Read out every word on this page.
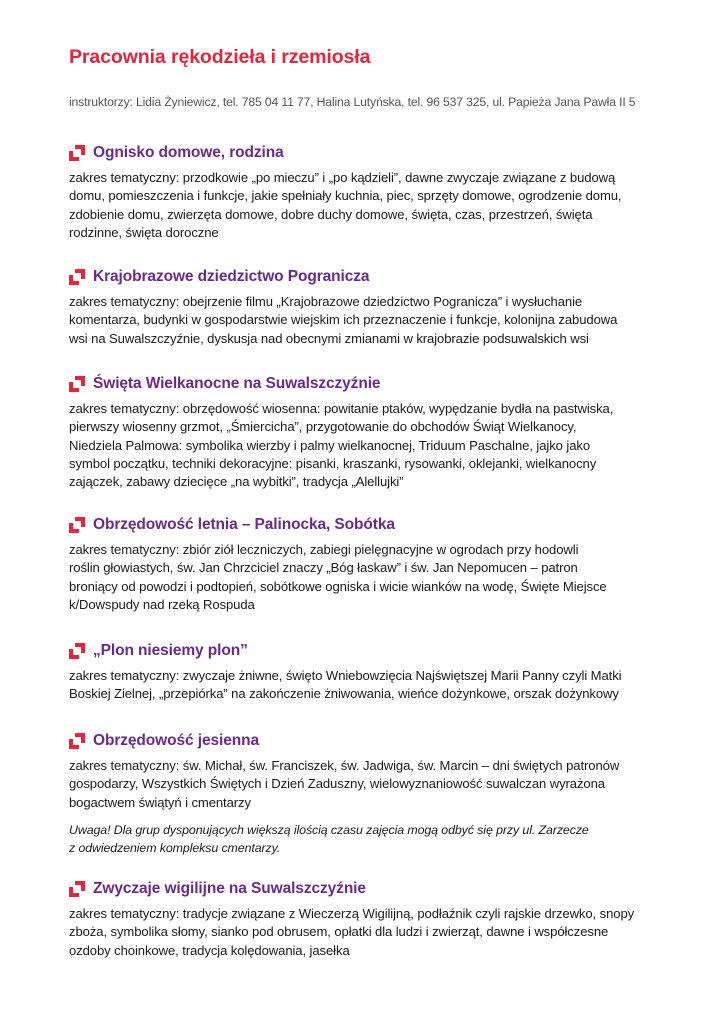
Pracownia rękodzieła i rzemiosła
instruktorzy: Lidia Żyniewicz, tel. 785 04 11 77, Halina Lutyńska, tel. 96 537 325, ul. Papieża Jana Pawła II 5
Ognisko domowe, rodzina
zakres tematyczny: przodkowie „po mieczu” i „po kądzieli”, dawne zwyczaje związane z budową
domu, pomieszczenia i funkcje, jakie spełniały kuchnia, piec, sprzęty domowe, ogrodzenie domu,
zdobienie domu, zwierzęta domowe, dobre duchy domowe, święta, czas, przestrzeń, święta
rodzinne, święta doroczne
Krajobrazowe dziedzictwo Pogranicza
zakres tematyczny: obejrzenie filmu „Krajobrazowe dziedzictwo Pogranicza” i wysłuchanie
komentarza, budynki w gospodarstwie wiejskim ich przeznaczenie i funkcje, kolonijna zabudowa
wsi na Suwalszczyźnie, dyskusja nad obecnymi zmianami w krajobrazie podsuwalskich wsi
Święta Wielkanocne na Suwalszczyźnie
zakres tematyczny: obrzędowość wiosenna: powitanie ptaków, wypędzanie bydła na pastwiska,
pierwszy wiosenny grzmot, „Śmiercicha”, przygotowanie do obchodów Świąt Wielkanocy,
Niedziela Palmowa: symbolika wierzby i palmy wielkanocnej, Triduum Paschalne, jajko jako
symbol początku, techniki dekoracyjne: pisanki, kraszanki, rysowanki, oklejanki, wielkanocny
zajączek, zabawy dziecięce „na wybitki”, tradycja „Alellujki”
Obrzędowość letnia – Palinocka, Sobótka
zakres tematyczny: zbiór ziół leczniczych, zabiegi pielęgnacyjne w ogrodach przy hodowli
roślin głowiastych, św. Jan Chrzciciel znaczy „Bóg łaskaw” i św. Jan Nepomucen – patron
broniący od powodzi i podtopień, sobótkowe ogniska i wicie wianków na wodę, Święte Miejsce
k/Dowspudy nad rzeką Rospuda
„Plon niesiemy plon”
zakres tematyczny: zwyczaje żniwne, święto Wniebowzięcia Najświętszej Marii Panny czyli Matki
Boskiej Zielnej, „przepiórka” na zakończenie żniwowania, wieńce dożynkowe, orszak dożynkowy
Obrzędowość jesienna
zakres tematyczny: św. Michał, św. Franciszek, św. Jadwiga, św. Marcin – dni świętych patronów
gospodarzy, Wszystkich Świętych i Dzień Zaduszny, wielowyznaniowość suwalczan wyrażona
bogactwem świątyń i cmentarzy
Uwaga! Dla grup dysponujących większą ilością czasu zajęcia mogą odbyć się przy ul. Zarzecze
z odwiedzeniem kompleksu cmentarzy.
Zwyczaje wigilijne na Suwalszczyźnie
zakres tematyczny: tradycje związane z Wieczerzą Wigilijną, podłaźnik czyli rajskie drzewko, snopy
zboża, symbolika słomy, sianko pod obrusem, opłatki dla ludzi i zwierząt, dawne i współczesne
ozdoby choinkowe, tradycja kolędowania, jasełka
